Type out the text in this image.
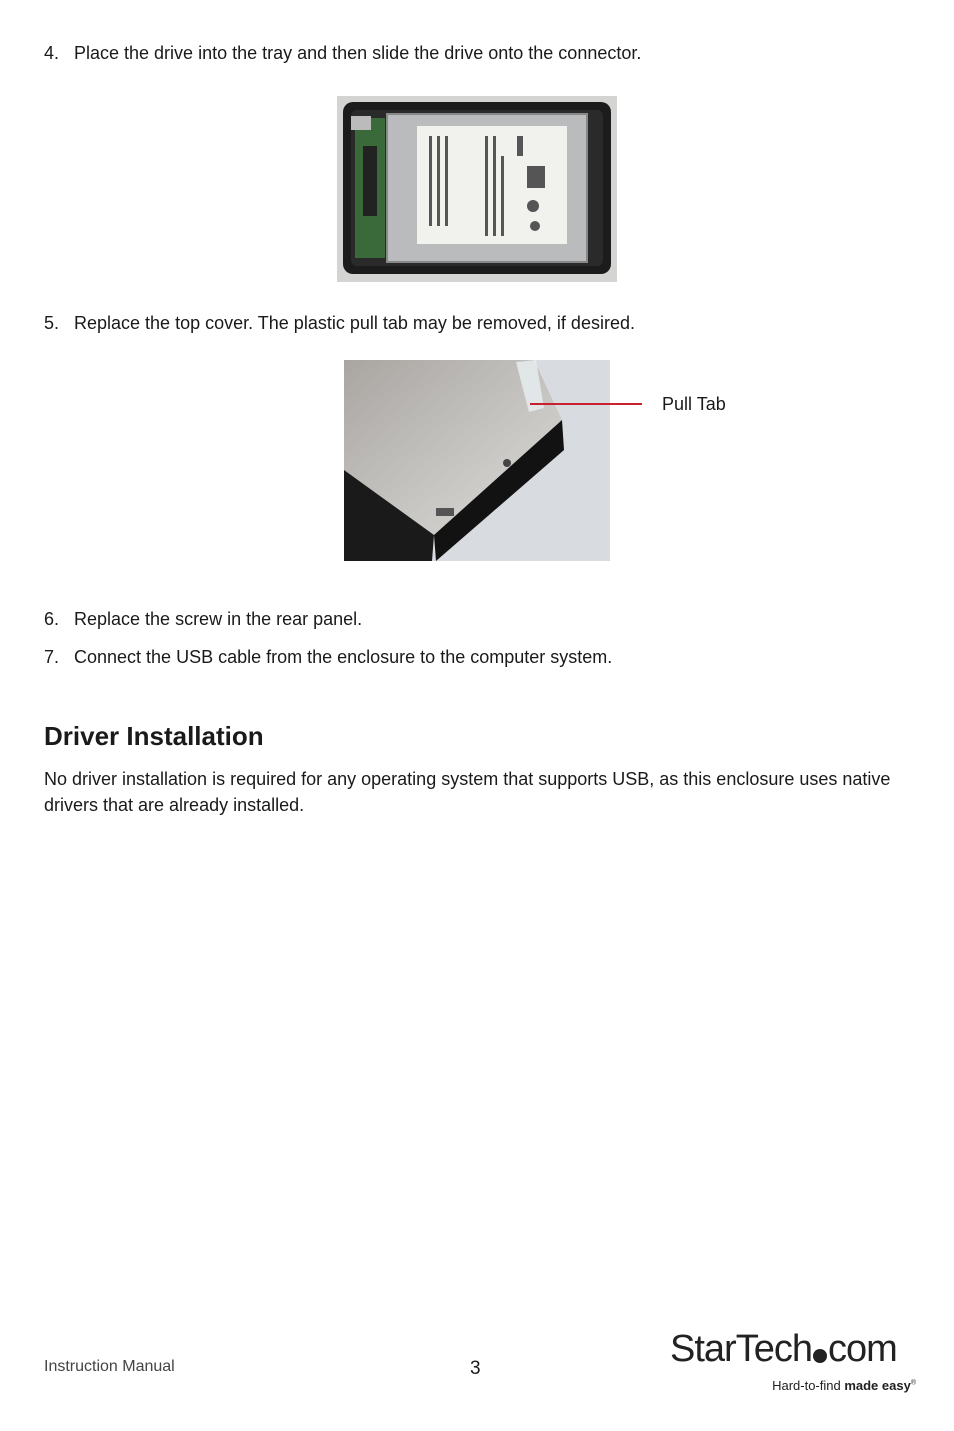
4. Place the drive into the tray and then slide the drive onto the connector.
5. Replace the top cover. The plastic pull tab may be removed, if desired.
Pull Tab
6. Replace the screw in the rear panel.
7. Connect the USB cable from the enclosure to the computer system.
Driver Installation
No driver installation is required for any operating system that supports USB, as this enclosure uses native drivers that are already installed.
Instruction Manual	3	StarTech com
Hard-to-find made easy®
